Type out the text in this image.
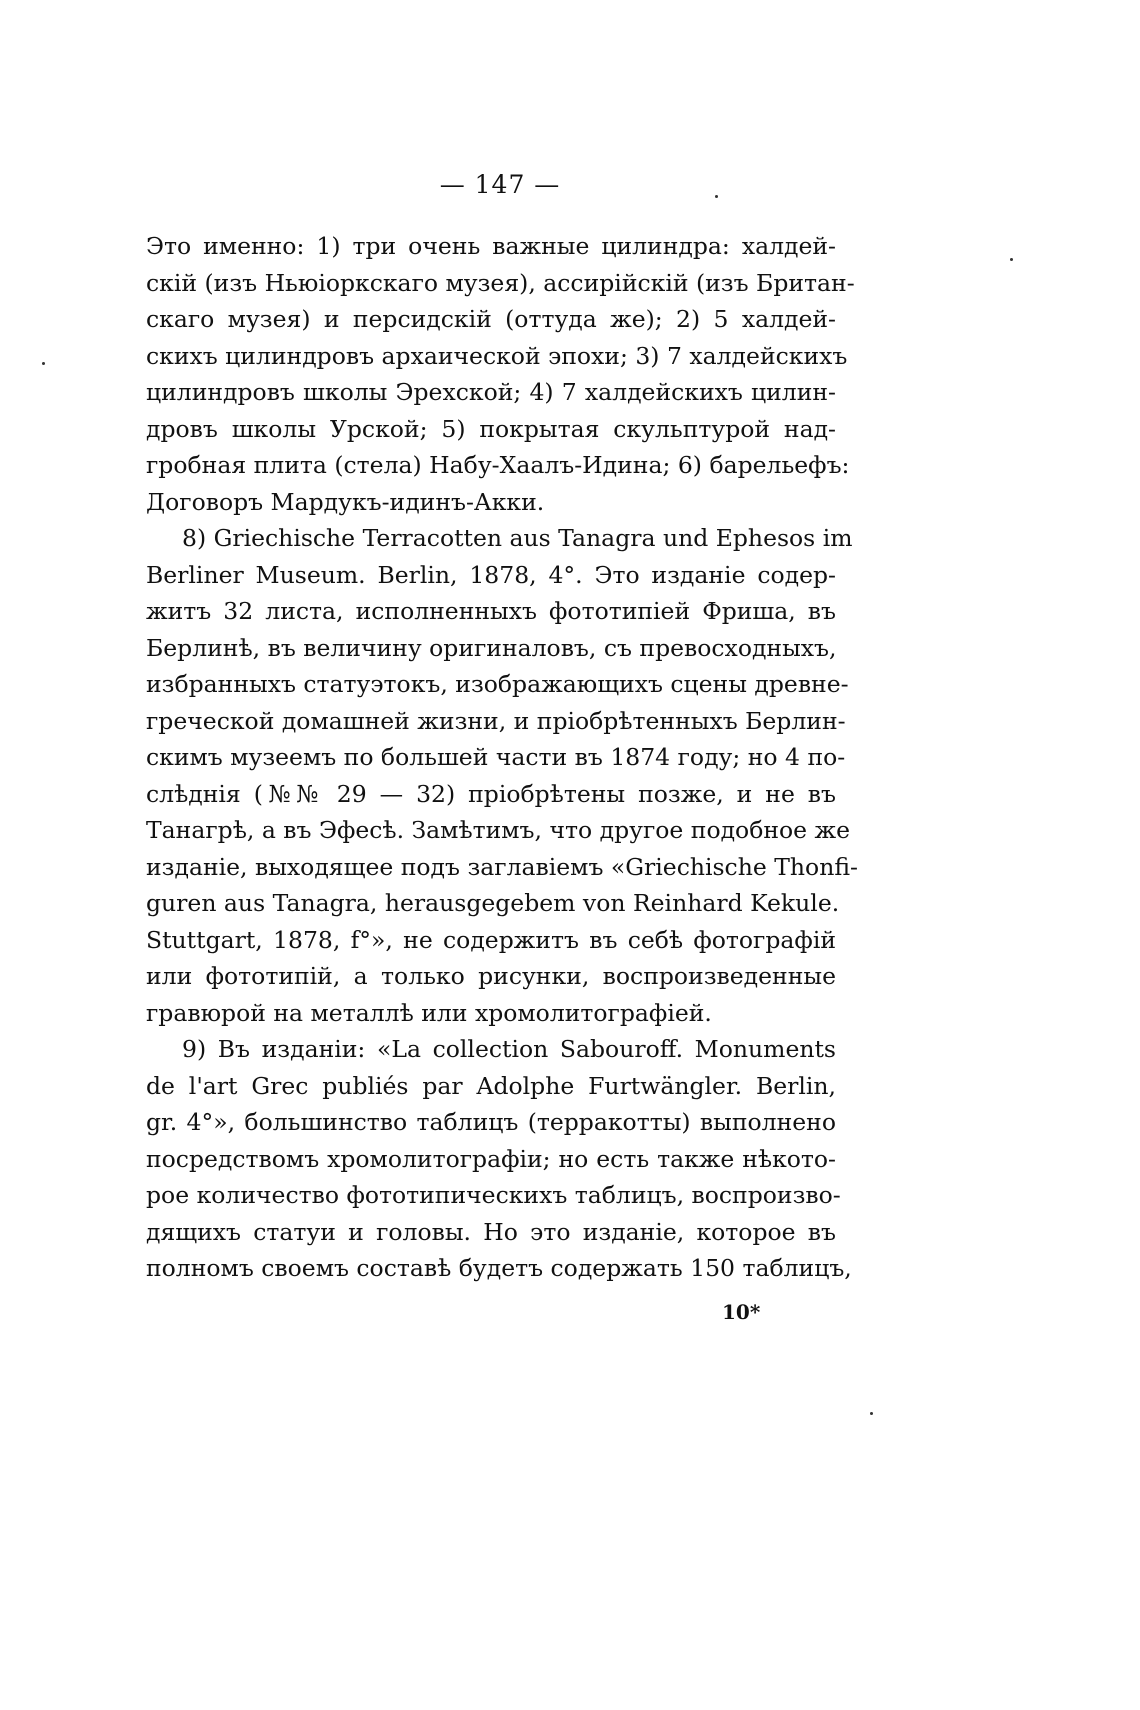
— 147 —
Это именно: 1) три очень важные цилиндра: халдей-
скій (изъ Ньюіоркскаго музея), ассирійскій (изъ Британ-
скаго музея) и персидскій (оттуда же); 2) 5 халдей-
скихъ цилиндровъ архаической эпохи; 3) 7 халдейскихъ
цилиндровъ школы Эрехской; 4) 7 халдейскихъ цилин-
дровъ школы Урской; 5) покрытая скульптурой над-
гробная плита (стела) Набу-Хаалъ-Идина; 6) барельефъ:
Договоръ Мардукъ-идинъ-Акки.
8) Griechische Terracotten aus Tanagra und Ephesos im
Berliner Museum. Berlin, 1878, 4°. Это изданіе содер-
житъ 32 листа, исполненныхъ фототипіей Фриша, въ
Берлинѣ, въ величину оригиналовъ, съ превосходныхъ,
избранныхъ статуэтокъ, изображающихъ сцены древне-
греческой домашней жизни, и пріобрѣтенныхъ Берлин-
скимъ музеемъ по большей части въ 1874 году; но 4 по-
слѣднія (№№ 29 — 32) пріобрѣтены позже, и не въ
Танагрѣ, а въ Эфесѣ. Замѣтимъ, что другое подобное же
изданіе, выходящее подъ заглавіемъ «Griechische Thonfi-
guren aus Tanagra, herausgegebem von Reinhard Kekule.
Stuttgart, 1878, f°», не содержитъ въ себѣ фотографій
или фототипій, а только рисунки, воспроизведенные
гравюрой на металлѣ или хромолитографіей.
9) Въ изданіи: «La collection Sabouroff. Monuments
de l'art Grec publiés par Adolphe Furtwängler. Berlin,
gr. 4°», большинство таблицъ (терракотты) выполнено
посредствомъ хромолитографіи; но есть также нѣкото-
рое количество фототипическихъ таблицъ, воспроизво-
дящихъ статуи и головы. Но это изданіе, которое въ
полномъ своемъ составѣ будетъ содержать 150 таблицъ,
10*
